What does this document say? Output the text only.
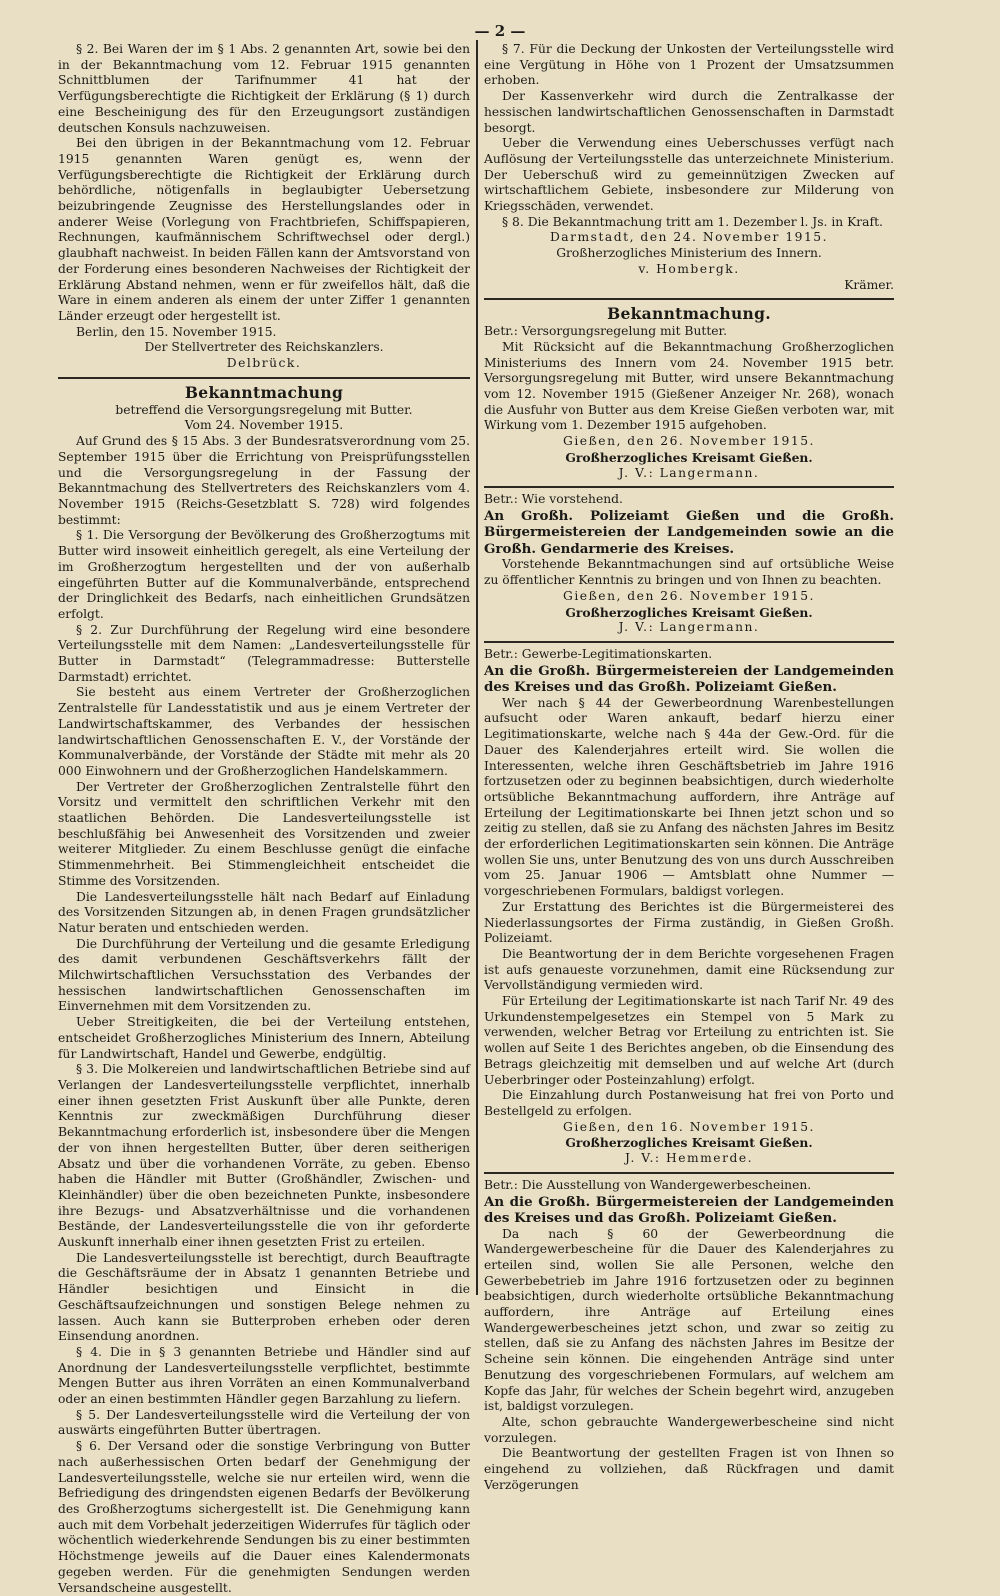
— 2 —

§ 2. Bei Waren der im § 1 Abs. 2 genannten Art, sowie bei den in der Bekanntmachung vom 12. Februar 1915 genannten Schnittblumen der Tarifnummer 41 hat der Verfügungsberechtigte die Richtigkeit der Erklärung (§ 1) durch eine Bescheinigung des für den Erzeugungsort zuständigen deutschen Konsuls nachzuweisen.

Bei den übrigen in der Bekanntmachung vom 12. Februar 1915 genannten Waren genügt es, wenn der Verfügungsberechtigte die Richtigkeit der Erklärung durch behördliche, nötigenfalls in beglaubigter Uebersetzung beizubringende Zeugnisse des Herstellungslandes oder in anderer Weise (Vorlegung von Frachtbriefen, Schiffspapieren, Rechnungen, kaufmännischem Schriftwechsel oder dergl.) glaubhaft nachweist. In beiden Fällen kann der Amtsvorstand von der Forderung eines besonderen Nachweises der Richtigkeit der Erklärung Abstand nehmen, wenn er für zweifellos hält, daß die Ware in einem anderen als einem der unter Ziffer 1 genannten Länder erzeugt oder hergestellt ist.

Berlin, den 15. November 1915.

Der Stellvertreter des Reichskanzlers.

Delbrück.

Bekanntmachung

betreffend die Versorgungsregelung mit Butter.

Vom 24. November 1915.

Auf Grund des § 15 Abs. 3 der Bundesratsverordnung vom 25. September 1915 über die Errichtung von Preisprüfungsstellen und die Versorgungsregelung in der Fassung der Bekanntmachung des Stellvertreters des Reichskanzlers vom 4. November 1915 (Reichs-Gesetzblatt S. 728) wird folgendes bestimmt:

§ 1. Die Versorgung der Bevölkerung des Großherzogtums mit Butter wird insoweit einheitlich geregelt, als eine Verteilung der im Großherzogtum hergestellten und der von außerhalb eingeführten Butter auf die Kommunalverbände, entsprechend der Dringlichkeit des Bedarfs, nach einheitlichen Grundsätzen erfolgt.

§ 2. Zur Durchführung der Regelung wird eine besondere Verteilungsstelle mit dem Namen: „Landesverteilungsstelle für Butter in Darmstadt“ (Telegrammadresse: Butterstelle Darmstadt) errichtet.

Sie besteht aus einem Vertreter der Großherzoglichen Zentralstelle für Landesstatistik und aus je einem Vertreter der Landwirtschaftskammer, des Verbandes der hessischen landwirtschaftlichen Genossenschaften E. V., der Vorstände der Kommunalverbände, der Vorstände der Städte mit mehr als 20 000 Einwohnern und der Großherzoglichen Handelskammern.

Der Vertreter der Großherzoglichen Zentralstelle führt den Vorsitz und vermittelt den schriftlichen Verkehr mit den staatlichen Behörden. Die Landesverteilungsstelle ist beschlußfähig bei Anwesenheit des Vorsitzenden und zweier weiterer Mitglieder. Zu einem Beschlusse genügt die einfache Stimmenmehrheit. Bei Stimmengleichheit entscheidet die Stimme des Vorsitzenden.

Die Landesverteilungsstelle hält nach Bedarf auf Einladung des Vorsitzenden Sitzungen ab, in denen Fragen grundsätzlicher Natur beraten und entschieden werden.

Die Durchführung der Verteilung und die gesamte Erledigung des damit verbundenen Geschäftsverkehrs fällt der Milchwirtschaftlichen Versuchsstation des Verbandes der hessischen landwirtschaftlichen Genossenschaften im Einvernehmen mit dem Vorsitzenden zu.

Ueber Streitigkeiten, die bei der Verteilung entstehen, entscheidet Großherzogliches Ministerium des Innern, Abteilung für Landwirtschaft, Handel und Gewerbe, endgültig.

§ 3. Die Molkereien und landwirtschaftlichen Betriebe sind auf Verlangen der Landesverteilungsstelle verpflichtet, innerhalb einer ihnen gesetzten Frist Auskunft über alle Punkte, deren Kenntnis zur zweckmäßigen Durchführung dieser Bekanntmachung erforderlich ist, insbesondere über die Mengen der von ihnen hergestellten Butter, über deren seitherigen Absatz und über die vorhandenen Vorräte, zu geben. Ebenso haben die Händler mit Butter (Großhändler, Zwischen- und Kleinhändler) über die oben bezeichneten Punkte, insbesondere ihre Bezugs- und Absatzverhältnisse und die vorhandenen Bestände, der Landesverteilungsstelle die von ihr geforderte Auskunft innerhalb einer ihnen gesetzten Frist zu erteilen.

Die Landesverteilungsstelle ist berechtigt, durch Beauftragte die Geschäftsräume der in Absatz 1 genannten Betriebe und Händler besichtigen und Einsicht in die Geschäftsaufzeichnungen und sonstigen Belege nehmen zu lassen. Auch kann sie Butterproben erheben oder deren Einsendung anordnen.

§ 4. Die in § 3 genannten Betriebe und Händler sind auf Anordnung der Landesverteilungsstelle verpflichtet, bestimmte Mengen Butter aus ihren Vorräten an einen Kommunalverband oder an einen bestimmten Händler gegen Barzahlung zu liefern.

§ 5. Der Landesverteilungsstelle wird die Verteilung der von auswärts eingeführten Butter übertragen.

§ 6. Der Versand oder die sonstige Verbringung von Butter nach außerhessischen Orten bedarf der Genehmigung der Landesverteilungsstelle, welche sie nur erteilen wird, wenn die Befriedigung des dringendsten eigenen Bedarfs der Bevölkerung des Großherzogtums sichergestellt ist. Die Genehmigung kann auch mit dem Vorbehalt jederzeitigen Widerrufes für täglich oder wöchentlich wiederkehrende Sendungen bis zu einer bestimmten Höchstmenge jeweils auf die Dauer eines Kalendermonats gegeben werden. Für die genehmigten Sendungen werden Versandscheine ausgestellt.

§ 7. Für die Deckung der Unkosten der Verteilungsstelle wird eine Vergütung in Höhe von 1 Prozent der Umsatzsummen erhoben.

Der Kassenverkehr wird durch die Zentralkasse der hessischen landwirtschaftlichen Genossenschaften in Darmstadt besorgt.

Ueber die Verwendung eines Ueberschusses verfügt nach Auflösung der Verteilungsstelle das unterzeichnete Ministerium. Der Ueberschuß wird zu gemeinnützigen Zwecken auf wirtschaftlichem Gebiete, insbesondere zur Milderung von Kriegsschäden, verwendet.

§ 8. Die Bekanntmachung tritt am 1. Dezember l. Js. in Kraft.

Darmstadt, den 24. November 1915.

Großherzogliches Ministerium des Innern.

v. Hombergk.

Krämer.

Bekanntmachung.

Betr.: Versorgungsregelung mit Butter.

Mit Rücksicht auf die Bekanntmachung Großherzoglichen Ministeriums des Innern vom 24. November 1915 betr. Versorgungsregelung mit Butter, wird unsere Bekanntmachung vom 12. November 1915 (Gießener Anzeiger Nr. 268), wonach die Ausfuhr von Butter aus dem Kreise Gießen verboten war, mit Wirkung vom 1. Dezember 1915 aufgehoben.

Gießen, den 26. November 1915.

Großherzogliches Kreisamt Gießen.

J. V.: Langermann.

Betr.: Wie vorstehend.

An Großh. Polizeiamt Gießen und die Großh. Bürgermeistereien der Landgemeinden sowie an die Großh. Gendarmerie des Kreises.

Vorstehende Bekanntmachungen sind auf ortsübliche Weise zu öffentlicher Kenntnis zu bringen und von Ihnen zu beachten.

Gießen, den 26. November 1915.

Großherzogliches Kreisamt Gießen.

J. V.: Langermann.

Betr.: Gewerbe-Legitimationskarten.

An die Großh. Bürgermeistereien der Landgemeinden des Kreises und das Großh. Polizeiamt Gießen.

Wer nach § 44 der Gewerbeordnung Warenbestellungen aufsucht oder Waren ankauft, bedarf hierzu einer Legitimationskarte, welche nach § 44a der Gew.-Ord. für die Dauer des Kalenderjahres erteilt wird. Sie wollen die Interessenten, welche ihren Geschäftsbetrieb im Jahre 1916 fortzusetzen oder zu beginnen beabsichtigen, durch wiederholte ortsübliche Bekanntmachung auffordern, ihre Anträge auf Erteilung der Legitimationskarte bei Ihnen jetzt schon und so zeitig zu stellen, daß sie zu Anfang des nächsten Jahres im Besitz der erforderlichen Legitimationskarten sein können. Die Anträge wollen Sie uns, unter Benutzung des von uns durch Ausschreiben vom 25. Januar 1906 — Amtsblatt ohne Nummer — vorgeschriebenen Formulars, baldigst vorlegen.

Zur Erstattung des Berichtes ist die Bürgermeisterei des Niederlassungsortes der Firma zuständig, in Gießen Großh. Polizeiamt.

Die Beantwortung der in dem Berichte vorgesehenen Fragen ist aufs genaueste vorzunehmen, damit eine Rücksendung zur Vervollständigung vermieden wird.

Für Erteilung der Legitimationskarte ist nach Tarif Nr. 49 des Urkundenstempelgesetzes ein Stempel von 5 Mark zu verwenden, welcher Betrag vor Erteilung zu entrichten ist. Sie wollen auf Seite 1 des Berichtes angeben, ob die Einsendung des Betrags gleichzeitig mit demselben und auf welche Art (durch Ueberbringer oder Posteinzahlung) erfolgt.

Die Einzahlung durch Postanweisung hat frei von Porto und Bestellgeld zu erfolgen.

Gießen, den 16. November 1915.

Großherzogliches Kreisamt Gießen.

J. V.: Hemmerde.

Betr.: Die Ausstellung von Wandergewerbescheinen.

An die Großh. Bürgermeistereien der Landgemeinden des Kreises und das Großh. Polizeiamt Gießen.

Da nach § 60 der Gewerbeordnung die Wandergewerbescheine für die Dauer des Kalenderjahres zu erteilen sind, wollen Sie alle Personen, welche den Gewerbebetrieb im Jahre 1916 fortzusetzen oder zu beginnen beabsichtigen, durch wiederholte ortsübliche Bekanntmachung auffordern, ihre Anträge auf Erteilung eines Wandergewerbescheines jetzt schon, und zwar so zeitig zu stellen, daß sie zu Anfang des nächsten Jahres im Besitze der Scheine sein können. Die eingehenden Anträge sind unter Benutzung des vorgeschriebenen Formulars, auf welchem am Kopfe das Jahr, für welches der Schein begehrt wird, anzugeben ist, baldigst vorzulegen.

Alte, schon gebrauchte Wandergewerbescheine sind nicht vorzulegen.

Die Beantwortung der gestellten Fragen ist von Ihnen so eingehend zu vollziehen, daß Rückfragen und damit Verzögerungen
